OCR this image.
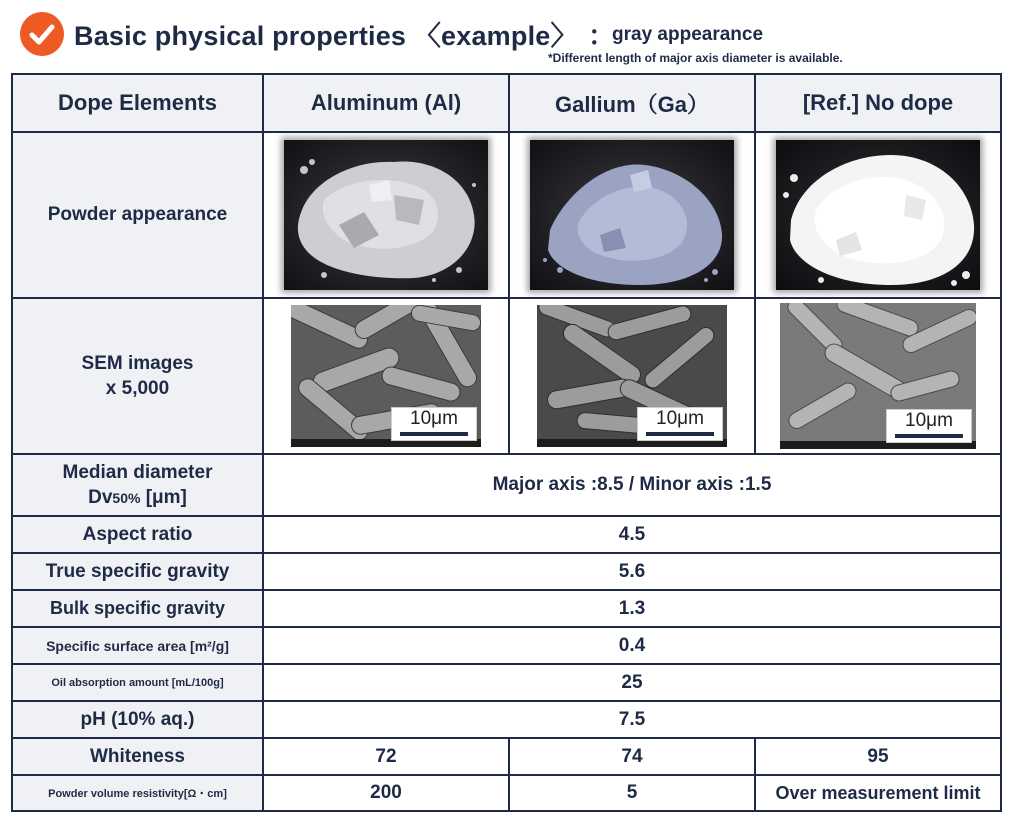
Basic physical properties 〈example〉 ：
gray appearance
*Different length of major axis diameter is available.
Dope Elements	Aluminum (Al)	Gallium（Ga）	[Ref.] No dope
Powder appearance	

SEM images
x 5,000	10μm	10μm	10μm

Median diameter
Dv50% [μm]	Major axis :8.5 / Minor axis :1.5		
Aspect ratio	4.5		
True specific gravity	5.6		
Bulk specific gravity	1.3		
Specific surface area [m²/g]	0.4		
Oil absorption amount [mL/100g]	25		
pH (10% aq.)	7.5		
Whiteness	72	74	95
Powder volume resistivity[Ω・cm]	200	5	Over measurement limit
